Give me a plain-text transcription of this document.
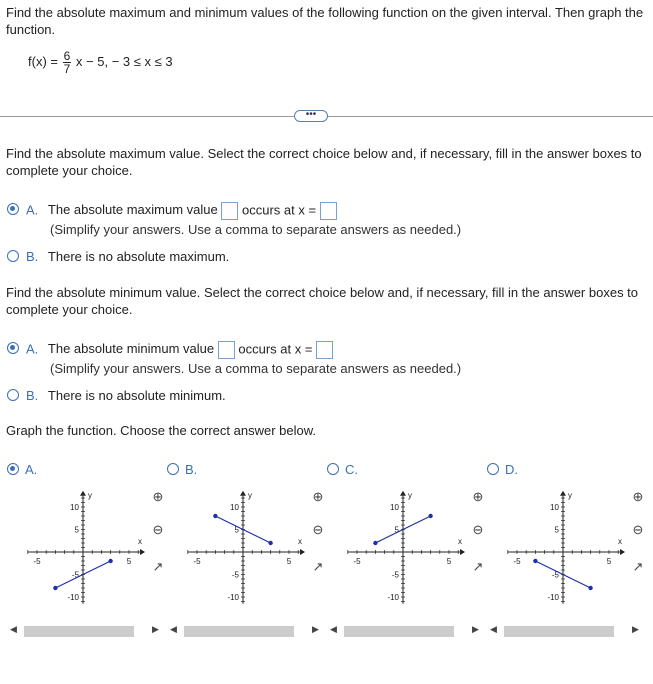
Find the absolute maximum and minimum values of the following function on the given interval. Then graph the function.
$f(x) = \frac{6}{7}$ x − 5, − 3 ≤ x ≤ 3
•••
Find the absolute maximum value. Select the correct choice below and, if necessary, fill in the answer boxes to complete your choice.
A. The absolute maximum value occurs at x =
(Simplify your answers. Use a comma to separate answers as needed.)
B. There is no absolute maximum.
Find the absolute minimum value. Select the correct choice below and, if necessary, fill in the answer boxes to complete your choice.
A. The absolute minimum value occurs at x =
(Simplify your answers. Use a comma to separate answers as needed.)
B. There is no absolute minimum.
Graph the function. Choose the correct answer below.
A.
10
5
-5
-10
-5	5
x
y	⊕
⊖
↗
◀	▶
B.
10
5
-5
-10
-5	5
x
y	⊕
⊖
↗
◀	▶
C.
10
5
-5
-10
-5	5
x
y	⊕
⊖
↗
◀	▶
D.
10
5
-5
-10
-5	5
x
y	⊕
⊖
↗
◀	▶
